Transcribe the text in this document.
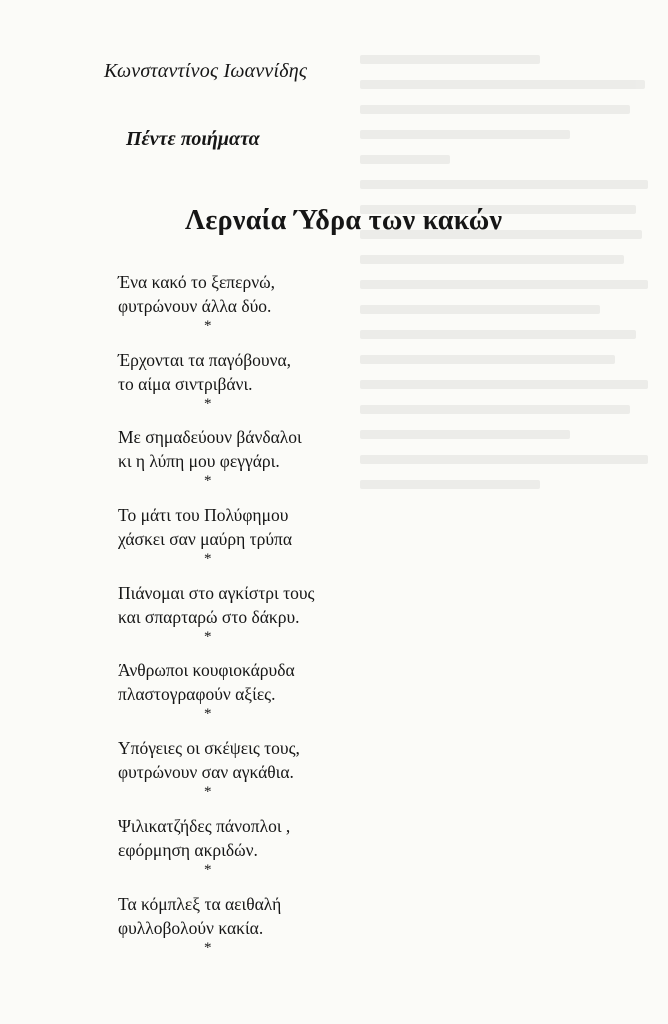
Κωνσταντίνος Ιωαννίδης
Πέντε ποιήματα
Λερναία Ύδρα των κακών
Ένα κακό το ξεπερνώ,
φυτρώνουν άλλα δύο.
*
Έρχονται τα παγόβουνα,
το αίμα σιντριβάνι.
*
Με σημαδεύουν βάνδαλοι
κι η λύπη μου φεγγάρι.
*
Το μάτι του Πολύφημου
χάσκει σαν μαύρη τρύπα
*
Πιάνομαι στο αγκίστρι τους
και σπαρταρώ στο δάκρυ.
*
Άνθρωποι κουφιοκάρυδα
πλαστογραφούν αξίες.
*
Υπόγειες οι σκέψεις τους,
φυτρώνουν σαν αγκάθια.
*
Ψιλικατζήδες πάνοπλοι ,
εφόρμηση ακριδών.
*
Τα κόμπλεξ τα αειθαλή
φυλλοβολούν κακία.
*
